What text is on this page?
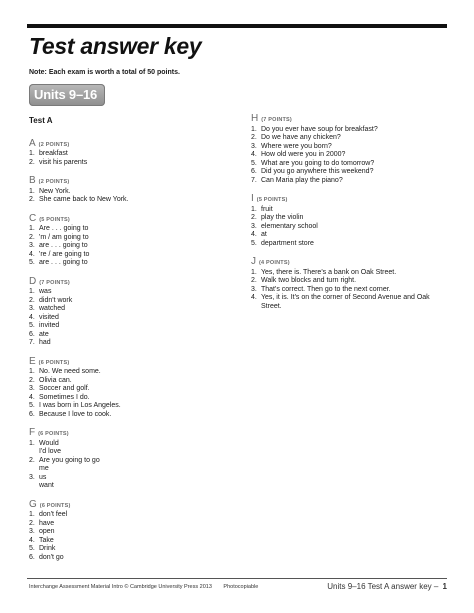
Test answer key
Note: Each exam is worth a total of 50 points.
Units 9–16
Test A
A (2 POINTS)
1. breakfast
2. visit his parents
B (2 POINTS)
1. New York.
2. She came back to New York.
C (5 POINTS)
1. Are . . . going to
2. 'm / am going to
3. are . . . going to
4. 're / are going to
5. are . . . going to
D (7 POINTS)
1. was
2. didn't work
3. watched
4. visited
5. invited
6. ate
7. had
E (6 POINTS)
1. No. We need some.
2. Olivia can.
3. Soccer and golf.
4. Sometimes I do.
5. I was born in Los Angeles.
6. Because I love to cook.
F (6 POINTS)
1. Would
I'd love
2. Are you going to go
me
3. us
want
G (6 POINTS)
1. don't feel
2. have
3. open
4. Take
5. Drink
6. don't go
H (7 POINTS)
1. Do you ever have soup for breakfast?
2. Do we have any chicken?
3. Where were you born?
4. How old were you in 2000?
5. What are you going to do tomorrow?
6. Did you go anywhere this weekend?
7. Can Maria play the piano?
I (5 POINTS)
1. fruit
2. play the violin
3. elementary school
4. at
5. department store
J (4 POINTS)
1. Yes, there is. There's a bank on Oak Street.
2. Walk two blocks and turn right.
3. That's correct. Then go to the next corner.
4. Yes, it is. It's on the corner of Second Avenue and Oak Street.
Interchange Assessment Material Intro © Cambridge University Press 2013 Photocopiable	Units 9–16 Test A answer key – 1
